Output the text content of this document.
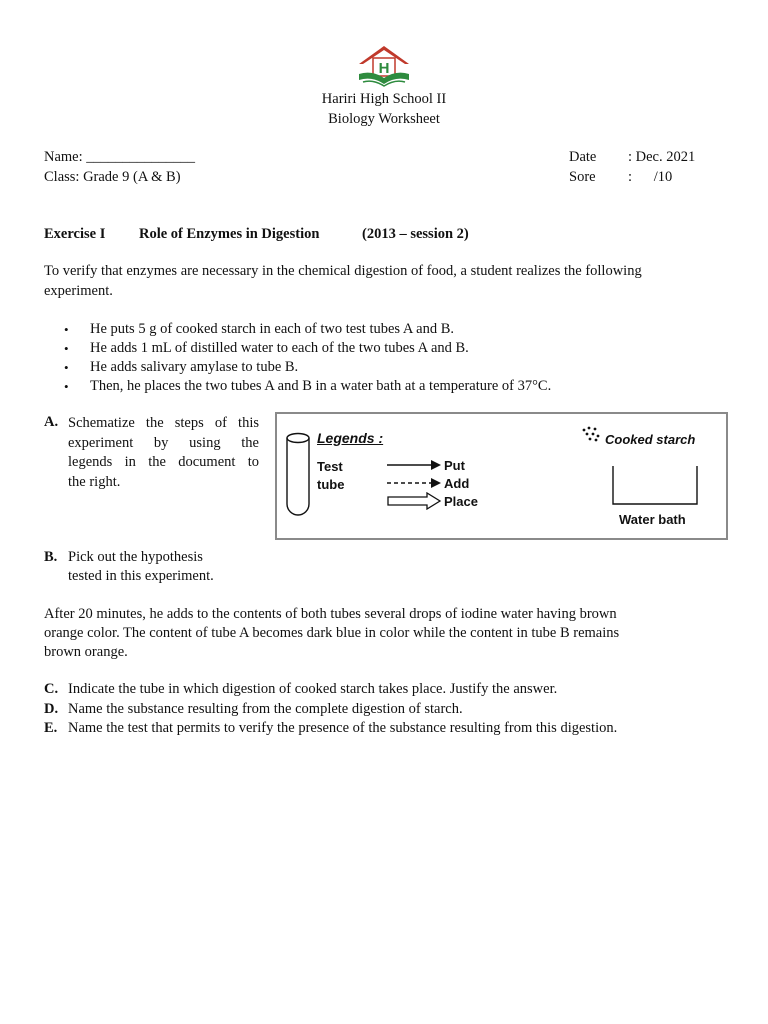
H
Hariri High School II
Biology Worksheet
Name: _______________
Class: Grade 9 (A & B)
Date : Dec. 2021
Sore :      /10
Exercise I Role of Enzymes in Digestion	(2013 – session 2)
To verify that enzymes are necessary in the chemical digestion of food, a student realizes the following
experiment.
• He puts 5 g of cooked starch in each of two test tubes A and B.
• He adds 1 mL of distilled water to each of the two tubes A and B.
• He adds salivary amylase to tube B.
• Then, he places the two tubes A and B in a water bath at a temperature of 37°C.
A. Schematize the steps of this
experiment by using the
legends in the document to
the right.
Legends :
Test
tube
Put
Add
Place
Cooked starch
Water bath
B. Pick out the hypothesis
tested in this experiment.
After 20 minutes, he adds to the contents of both tubes several drops of iodine water having brown
orange color. The content of tube A becomes dark blue in color while the content in tube B remains
brown orange.
C. Indicate the tube in which digestion of cooked starch takes place. Justify the answer.
D. Name the substance resulting from the complete digestion of starch.
E. Name the test that permits to verify the presence of the substance resulting from this digestion.
